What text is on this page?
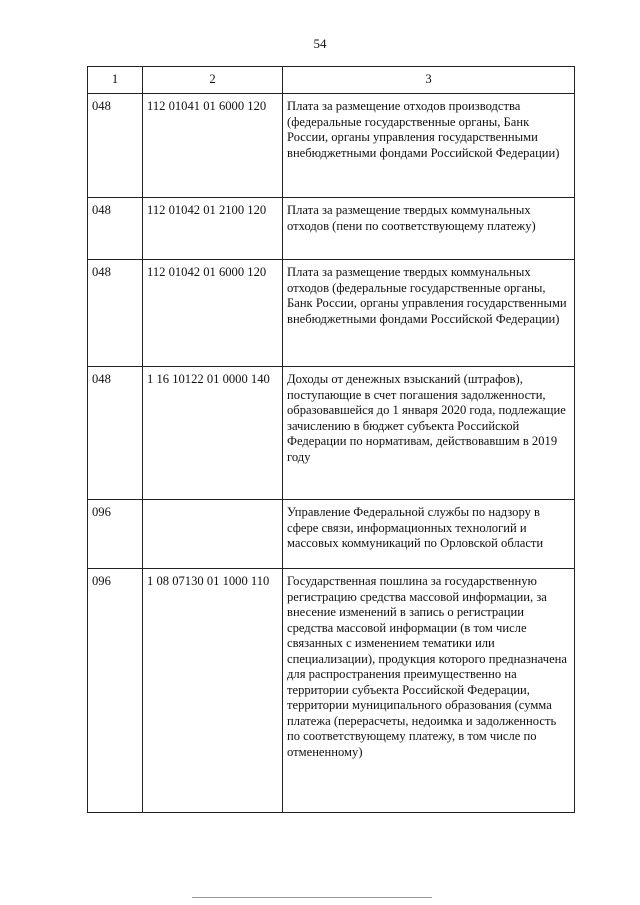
54
1	2	3
048	112 01041 01 6000 120	Плата за размещение отходов производства (федеральные государственные органы, Банк России, органы управления государственными внебюджетными фондами Российской Федерации)
048	112 01042 01 2100 120	Плата за размещение твердых коммунальных отходов (пени по соответствующему платежу)
048	112 01042 01 6000 120	Плата за размещение твердых коммунальных отходов (федеральные государственные органы, Банк России, органы управления государственными внебюджетными фондами Российской Федерации)
048	1 16 10122 01 0000 140	Доходы от денежных взысканий (штрафов), поступающие в счет погашения задолженности, образовавшейся до 1 января 2020 года, подлежащие зачислению в бюджет субъекта Российской Федерации по нормативам, действовавшим в 2019 году
096		Управление Федеральной службы по надзору в сфере связи, информационных технологий и массовых коммуникаций по Орловской области
096	1 08 07130 01 1000 110	Государственная пошлина за государственную регистрацию средства массовой информации, за внесение изменений в запись о регистрации средства массовой информации (в том числе связанных с изменением тематики или специализации), продукция которого предназначена для распространения преимущественно на территории субъекта Российской Федерации, территории муниципального образования (сумма платежа (перерасчеты, недоимка и задолженность по соответствующему платежу, в том числе по отмененному)
